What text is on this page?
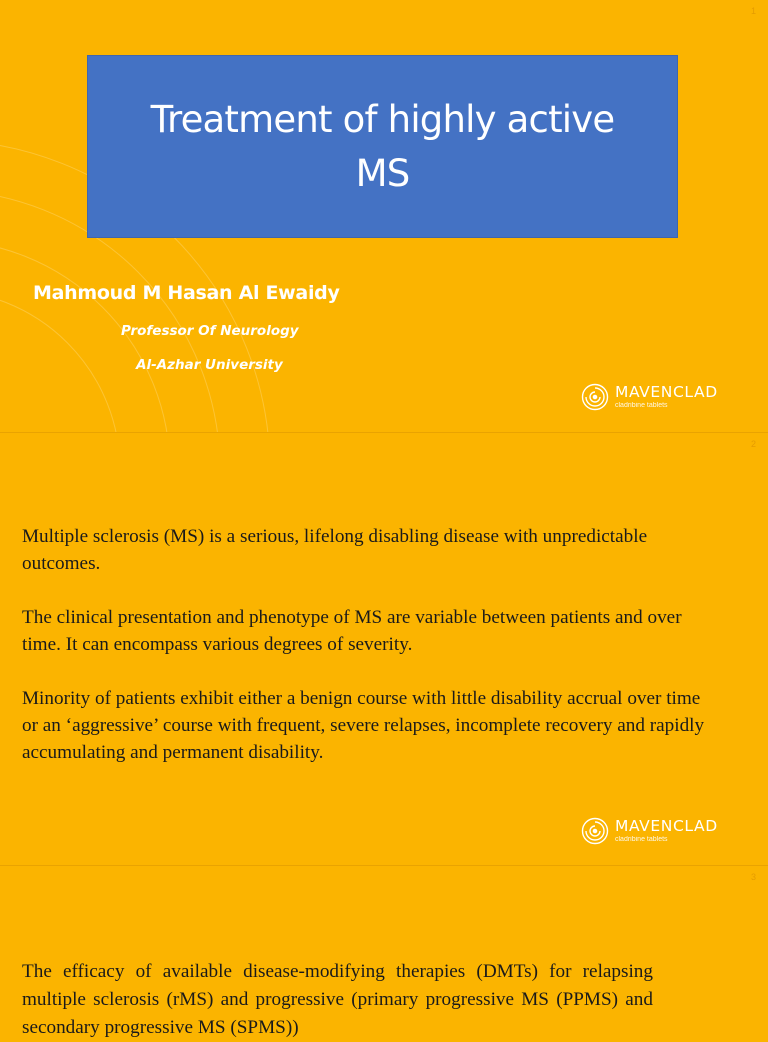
1
Treatment of highly active
MS
Mahmoud M Hasan Al Ewaidy
Professor Of Neurology
Al-Azhar University
MAVENCLAD
cladribine tablets
2

Multiple sclerosis (MS) is a serious, lifelong disabling disease with unpredictable outcomes.

The clinical presentation and phenotype of MS are variable between patients and over time. It can encompass various degrees of severity.

Minority of patients exhibit either a benign course with little disability accrual over time or an ‘aggressive’ course with frequent, severe relapses, incomplete recovery and rapidly accumulating and permanent disability.

MAVENCLAD
cladribine tablets
3

The efficacy of available disease-modifying therapies (DMTs) for relapsing multiple sclerosis (rMS) and progressive (primary progressive MS (PPMS) and secondary progressive MS (SPMS))
